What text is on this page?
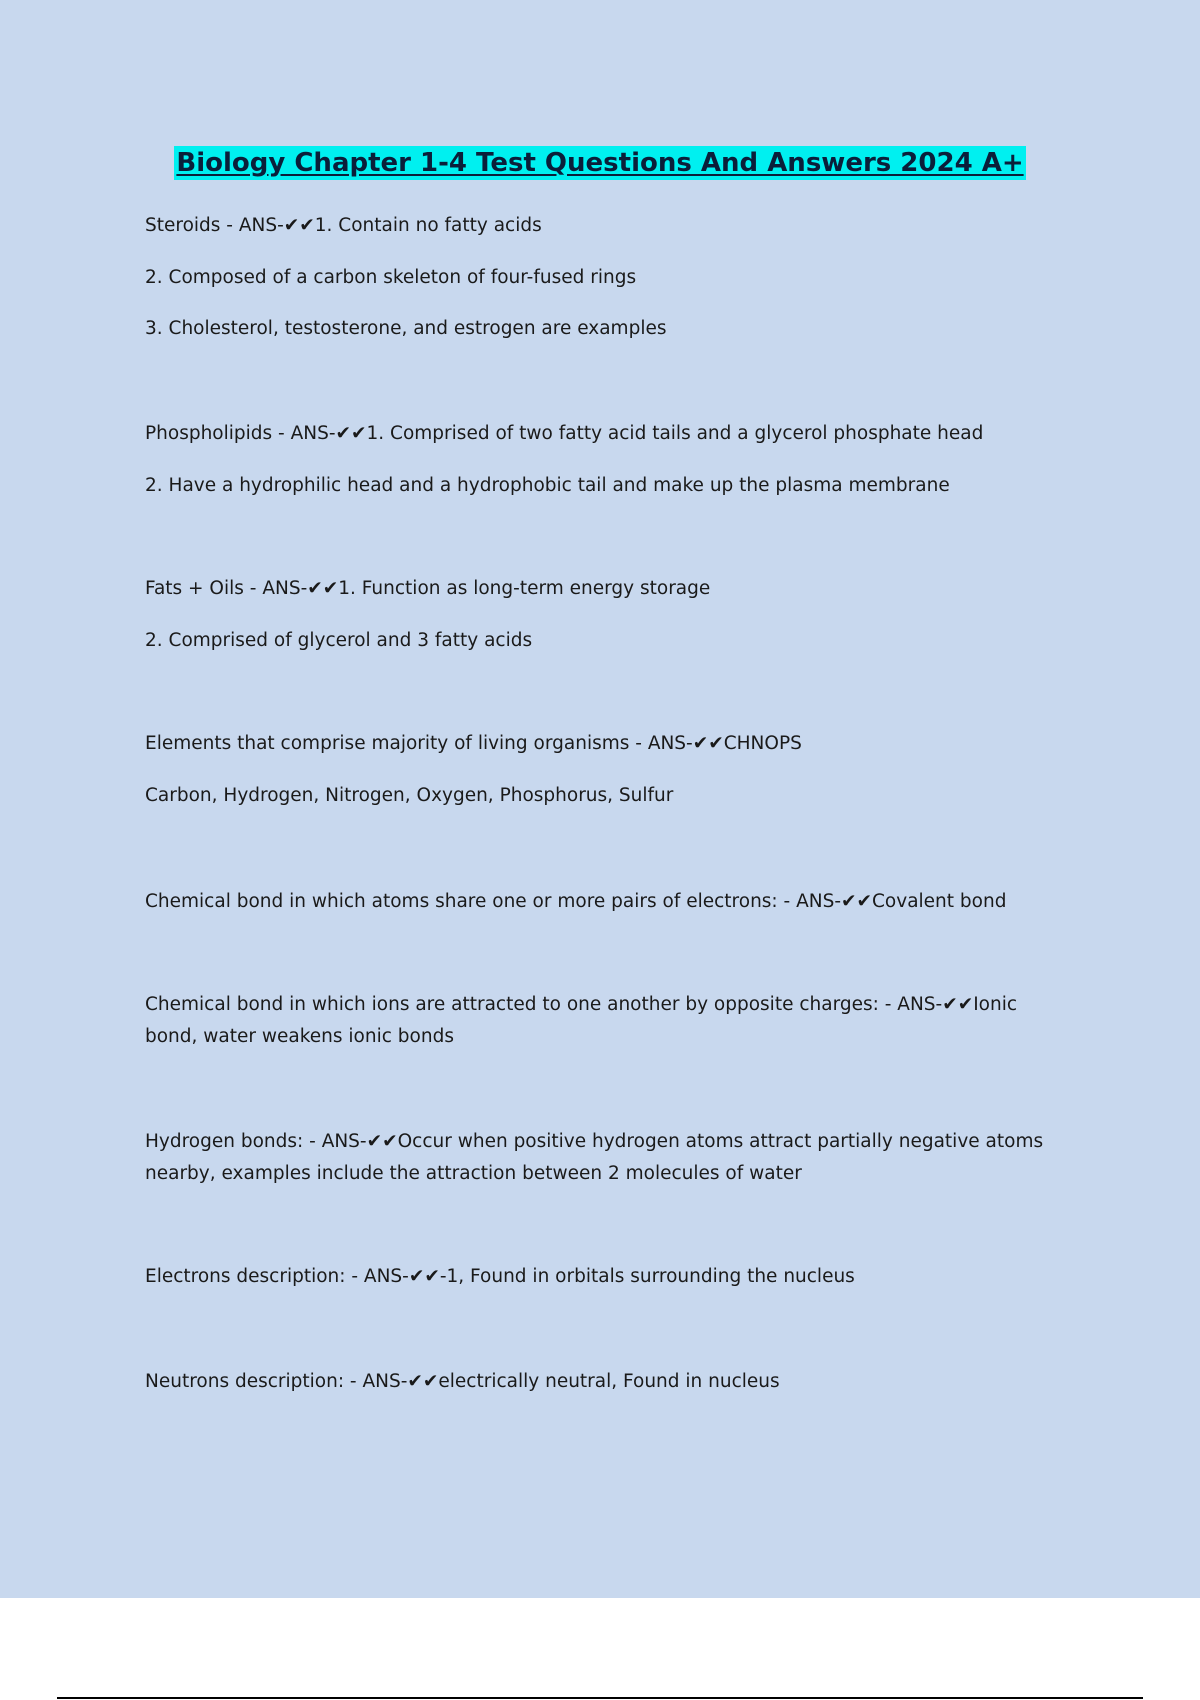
Biology Chapter 1-4 Test Questions And Answers 2024 A+
Steroids - ANS-✔✔1. Contain no fatty acids
2. Composed of a carbon skeleton of four-fused rings
3. Cholesterol, testosterone, and estrogen are examples
Phospholipids - ANS-✔✔1. Comprised of two fatty acid tails and a glycerol phosphate head
2. Have a hydrophilic head and a hydrophobic tail and make up the plasma membrane
Fats + Oils - ANS-✔✔1. Function as long-term energy storage
2. Comprised of glycerol and 3 fatty acids
Elements that comprise majority of living organisms - ANS-✔✔CHNOPS
Carbon, Hydrogen, Nitrogen, Oxygen, Phosphorus, Sulfur
Chemical bond in which atoms share one or more pairs of electrons: - ANS-✔✔Covalent bond
Chemical bond in which ions are attracted to one another by opposite charges: - ANS-✔✔Ionic bond, water weakens ionic bonds
Hydrogen bonds: - ANS-✔✔Occur when positive hydrogen atoms attract partially negative atoms nearby, examples include the attraction between 2 molecules of water
Electrons description: - ANS-✔✔-1, Found in orbitals surrounding the nucleus
Neutrons description: - ANS-✔✔electrically neutral, Found in nucleus
